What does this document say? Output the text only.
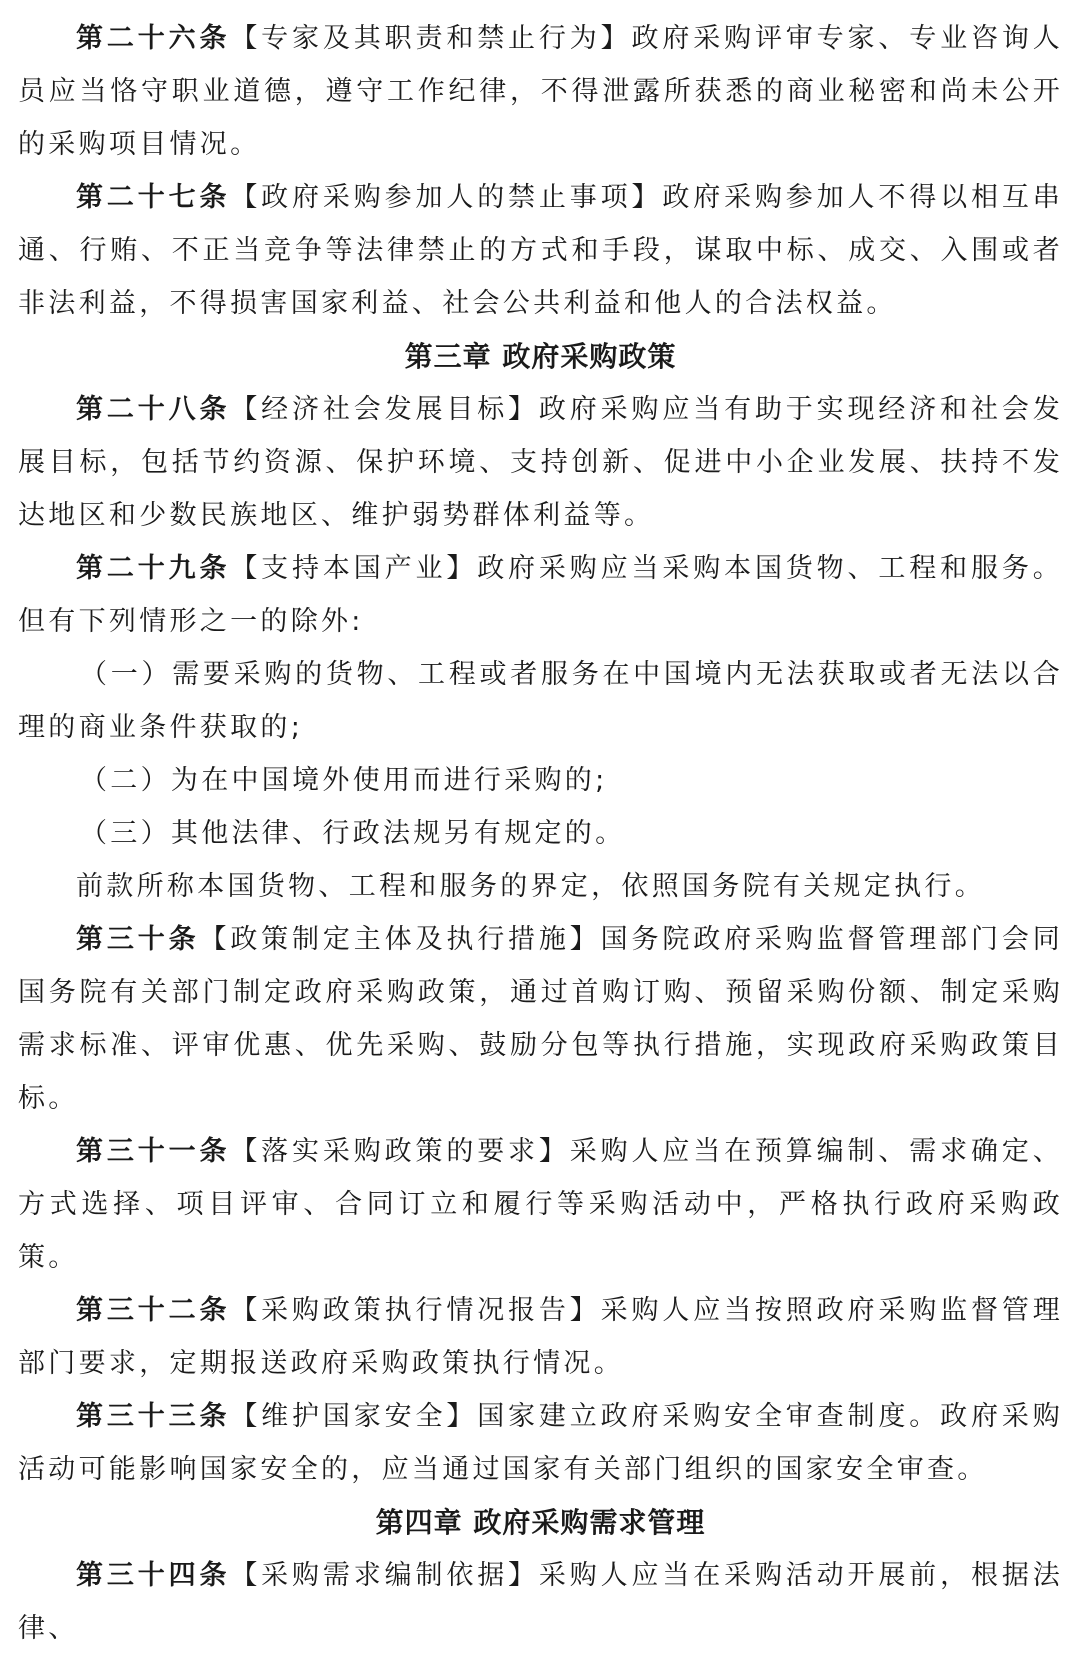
第二十六条【专家及其职责和禁止行为】政府采购评审专家、专业咨询人员应当恪守职业道德，遵守工作纪律，不得泄露所获悉的商业秘密和尚未公开的采购项目情况。

第二十七条【政府采购参加人的禁止事项】政府采购参加人不得以相互串通、行贿、不正当竞争等法律禁止的方式和手段，谋取中标、成交、入围或者非法利益，不得损害国家利益、社会公共利益和他人的合法权益。

第三章 政府采购政策

第二十八条【经济社会发展目标】政府采购应当有助于实现经济和社会发展目标，包括节约资源、保护环境、支持创新、促进中小企业发展、扶持不发达地区和少数民族地区、维护弱势群体利益等。

第二十九条【支持本国产业】政府采购应当采购本国货物、工程和服务。但有下列情形之一的除外:

（一）需要采购的货物、工程或者服务在中国境内无法获取或者无法以合理的商业条件获取的;

（二）为在中国境外使用而进行采购的;

（三）其他法律、行政法规另有规定的。

前款所称本国货物、工程和服务的界定，依照国务院有关规定执行。

第三十条【政策制定主体及执行措施】国务院政府采购监督管理部门会同国务院有关部门制定政府采购政策，通过首购订购、预留采购份额、制定采购需求标准、评审优惠、优先采购、鼓励分包等执行措施，实现政府采购政策目标。

第三十一条【落实采购政策的要求】采购人应当在预算编制、需求确定、方式选择、项目评审、合同订立和履行等采购活动中，严格执行政府采购政策。

第三十二条【采购政策执行情况报告】采购人应当按照政府采购监督管理部门要求，定期报送政府采购政策执行情况。

第三十三条【维护国家安全】国家建立政府采购安全审查制度。政府采购活动可能影响国家安全的，应当通过国家有关部门组织的国家安全审查。

第四章 政府采购需求管理

第三十四条【采购需求编制依据】采购人应当在采购活动开展前，根据法律、
